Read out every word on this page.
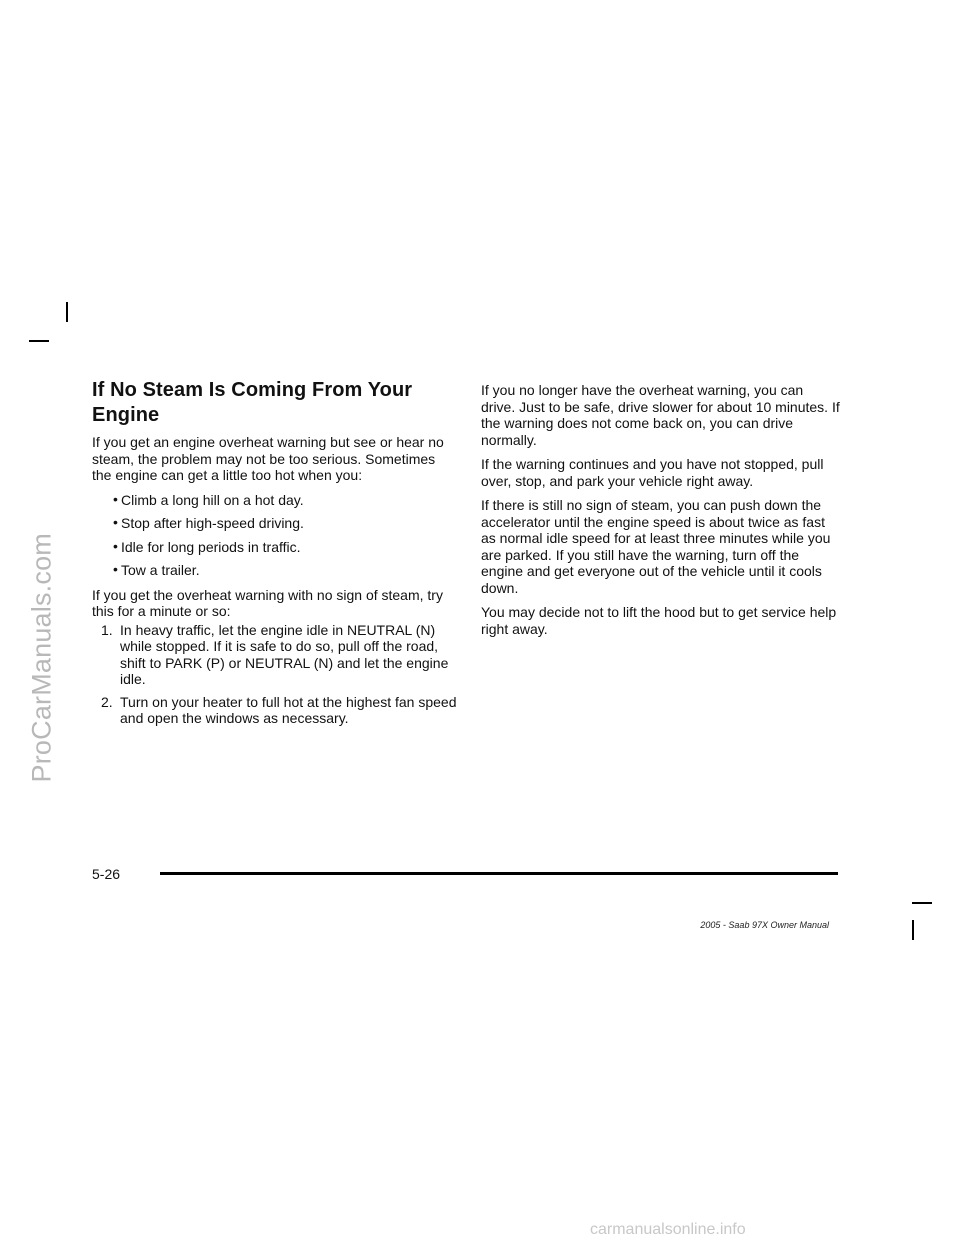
ProCarManuals.com
If No Steam Is Coming From Your Engine

If you get an engine overheat warning but see or hear no steam, the problem may not be too serious. Sometimes the engine can get a little too hot when you:

• Climb a long hill on a hot day.
• Stop after high-speed driving.
• Idle for long periods in traffic.
• Tow a trailer.

If you get the overheat warning with no sign of steam, try this for a minute or so:

1. In heavy traffic, let the engine idle in NEUTRAL (N) while stopped. If it is safe to do so, pull off the road, shift to PARK (P) or NEUTRAL (N) and let the engine idle.
2. Turn on your heater to full hot at the highest fan speed and open the windows as necessary.

If you no longer have the overheat warning, you can drive. Just to be safe, drive slower for about 10 minutes. If the warning does not come back on, you can drive normally.

If the warning continues and you have not stopped, pull over, stop, and park your vehicle right away.

If there is still no sign of steam, you can push down the accelerator until the engine speed is about twice as fast as normal idle speed for at least three minutes while you are parked. If you still have the warning, turn off the engine and get everyone out of the vehicle until it cools down.

You may decide not to lift the hood but to get service help right away.

5-26
2005 - Saab 97X Owner Manual
carmanualsonline.info
